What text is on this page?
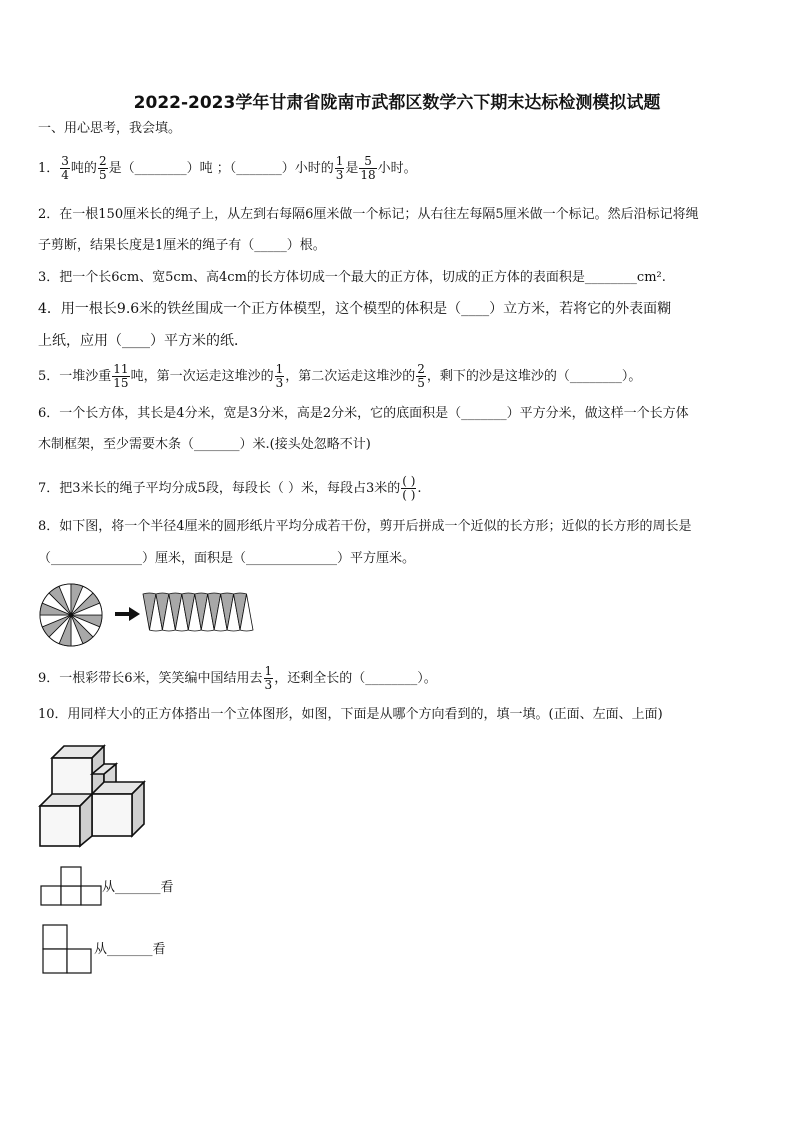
2022-2023学年甘肃省陇南市武都区数学六下期末达标检测模拟试题
一、用心思考，我会填。
1． $\frac{3}{4}$ 吨的 $\frac{2}{5}$ 是（________）吨 ；（_______）小时的 $\frac{1}{3}$ 是 $\frac{5}{18}$ 小时。
2．在一根150厘米长的绳子上，从左到右每隔6厘米做一个标记；从右往左每隔5厘米做一个标记。然后沿标记将绳
子剪断，结果长度是1厘米的绳子有（_____）根。
3．把一个长6cm、宽5cm、高4cm的长方体切成一个最大的正方体，切成的正方体的表面积是________cm².
4．用一根长9.6米的铁丝围成一个正方体模型，这个模型的体积是（____）立方米，若将它的外表面糊
上纸，应用（____）平方米的纸．
5．一堆沙重 $\frac{11}{15}$ 吨，第一次运走这堆沙的 $\frac{1}{3}$ ，第二次运走这堆沙的 $\frac{2}{5}$ ，剩下的沙是这堆沙的（________）。
6．一个长方体，其长是4分米，宽是3分米，高是2分米，它的底面积是（_______）平方分米，做这样一个长方体
木制框架，至少需要木条（_______）米.(接头处忽略不计)
7．把3米长的绳子平均分成5段，每段长（ ）米，每段占3米的 $\frac{( )}{( )}$ .
8．如下图，将一个半径4厘米的圆形纸片平均分成若干份，剪开后拼成一个近似的长方形；近似的长方形的周长是
（______________）厘米，面积是（______________）平方厘米。
9．一根彩带长6米，笑笑编中国结用去 $\frac{1}{3}$ ，还剩全长的（________）。
10．用同样大小的正方体搭出一个立体图形，如图，下面是从哪个方向看到的，填一填。(正面、左面、上面)
从_______看
从_______看
